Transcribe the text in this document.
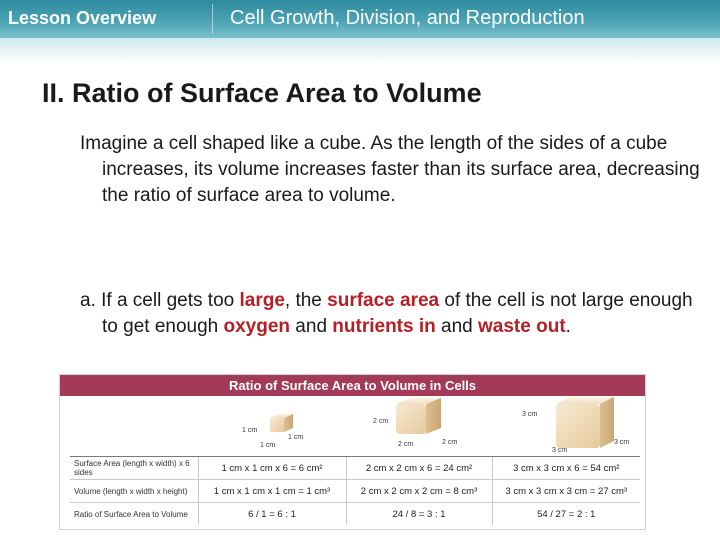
Lesson Overview	Cell Growth, Division, and Reproduction
II. Ratio of Surface Area to Volume
Imagine a cell shaped like a cube. As the length of the sides of a cube increases, its volume increases faster than its surface area, decreasing the ratio of surface area to volume.
a. If a cell gets too large, the surface area of the cell is not large enough to get enough oxygen and nutrients in and waste out.
Ratio of Surface Area to Volume in Cells
1 cm
1 cm
1 cm
2 cm
2 cm	2 cm
3 cm
3 cm
3 cm
Surface Area (length x width) x 6 sides	1 cm x 1 cm x 6 = 6 cm²	2 cm x 2 cm x 6 = 24 cm²	3 cm x 3 cm x 6 = 54 cm²
Volume (length x width x height)	1 cm x 1 cm x 1 cm = 1 cm³	2 cm x 2 cm x 2 cm = 8 cm³	3 cm x 3 cm x 3 cm = 27 cm³
Ratio of Surface Area to Volume	6 / 1 = 6 : 1	24 / 8 = 3 : 1	54 / 27 = 2 : 1
